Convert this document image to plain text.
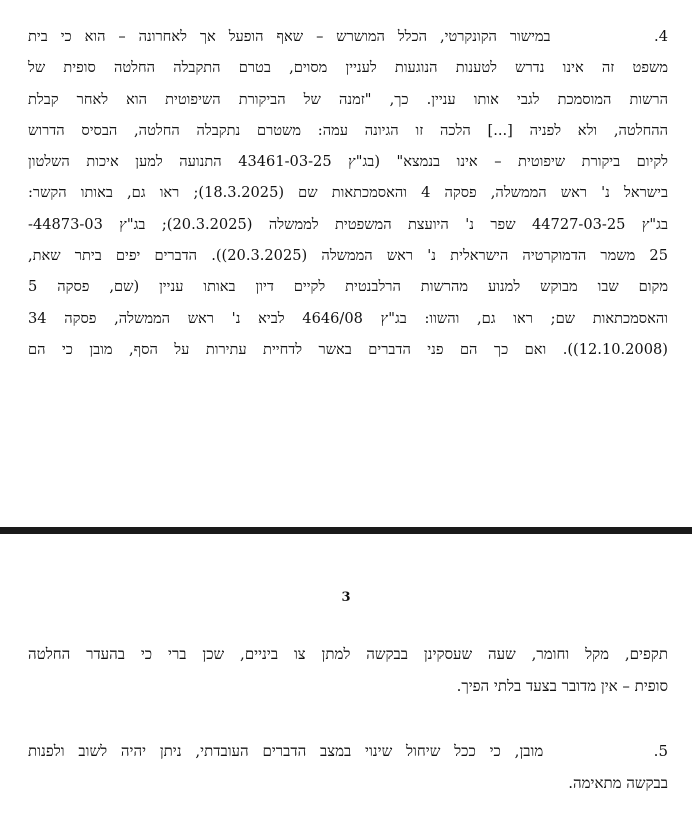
4.        במישור הקונקרטי, הכלל המושרש – שאף הופעל אך לאחרונה – הוא כי בית
משפט זה אינו נדרש לטענות הנוגעות לעניין מסוים, בטרם התקבלה החלטה סופית של
הרשות המוסמכת לגבי אותו עניין. כך, "זמנה של הביקורת השיפוטית הוא לאחר קבלת
ההחלטה, ולא לפניה [...] הלכה זו הגיונה עמה: משטרם נתקבלה החלטה, הבסיס הדרוש
לקיום ביקורת שיפוטית – אינו בנמצא" (בג"ץ 43461-03-25 התנועה למען איכות השלטון
בישראל נ' ראש הממשלה, פסקה 4 והאסמכתאות שם (18.3.2025); ראו גם, באותו הקשר:
בג"ץ 44727-03-25 שפר נ' היועצת המשפטית לממשלה (20.3.2025); בג"ץ 44873-03-
25 משמר הדמוקרטיה הישראלית נ' ראש הממשלה (20.3.2025)). הדברים יפים ביתר שאת,
מקום שבו מבוקש למנוע מהרשות הרלבנטית לקיים דיון באותו עניין (שם, פסקה 5
והאסמכתאות שם; ראו גם, והשוו: בג"ץ 4646/08 לביא נ' ראש הממשלה, פסקה 34
(12.10.2008)). ואם כך הם פני הדברים באשר לדחיית עתירות על הסף, מובן כי הם
3
תקפים, מקל וחומר, שעה שעסקינן בבקשה למתן צו ביניים, שכן ברי כי בהעדר החלטה
סופית – אין מדובר בצעד בלתי הפיך.
5.        מובן, כי ככל שיחול שינוי במצב הדברים העובדתי, ניתן יהיה לשוב ולפנות
בבקשה מתאימה.
